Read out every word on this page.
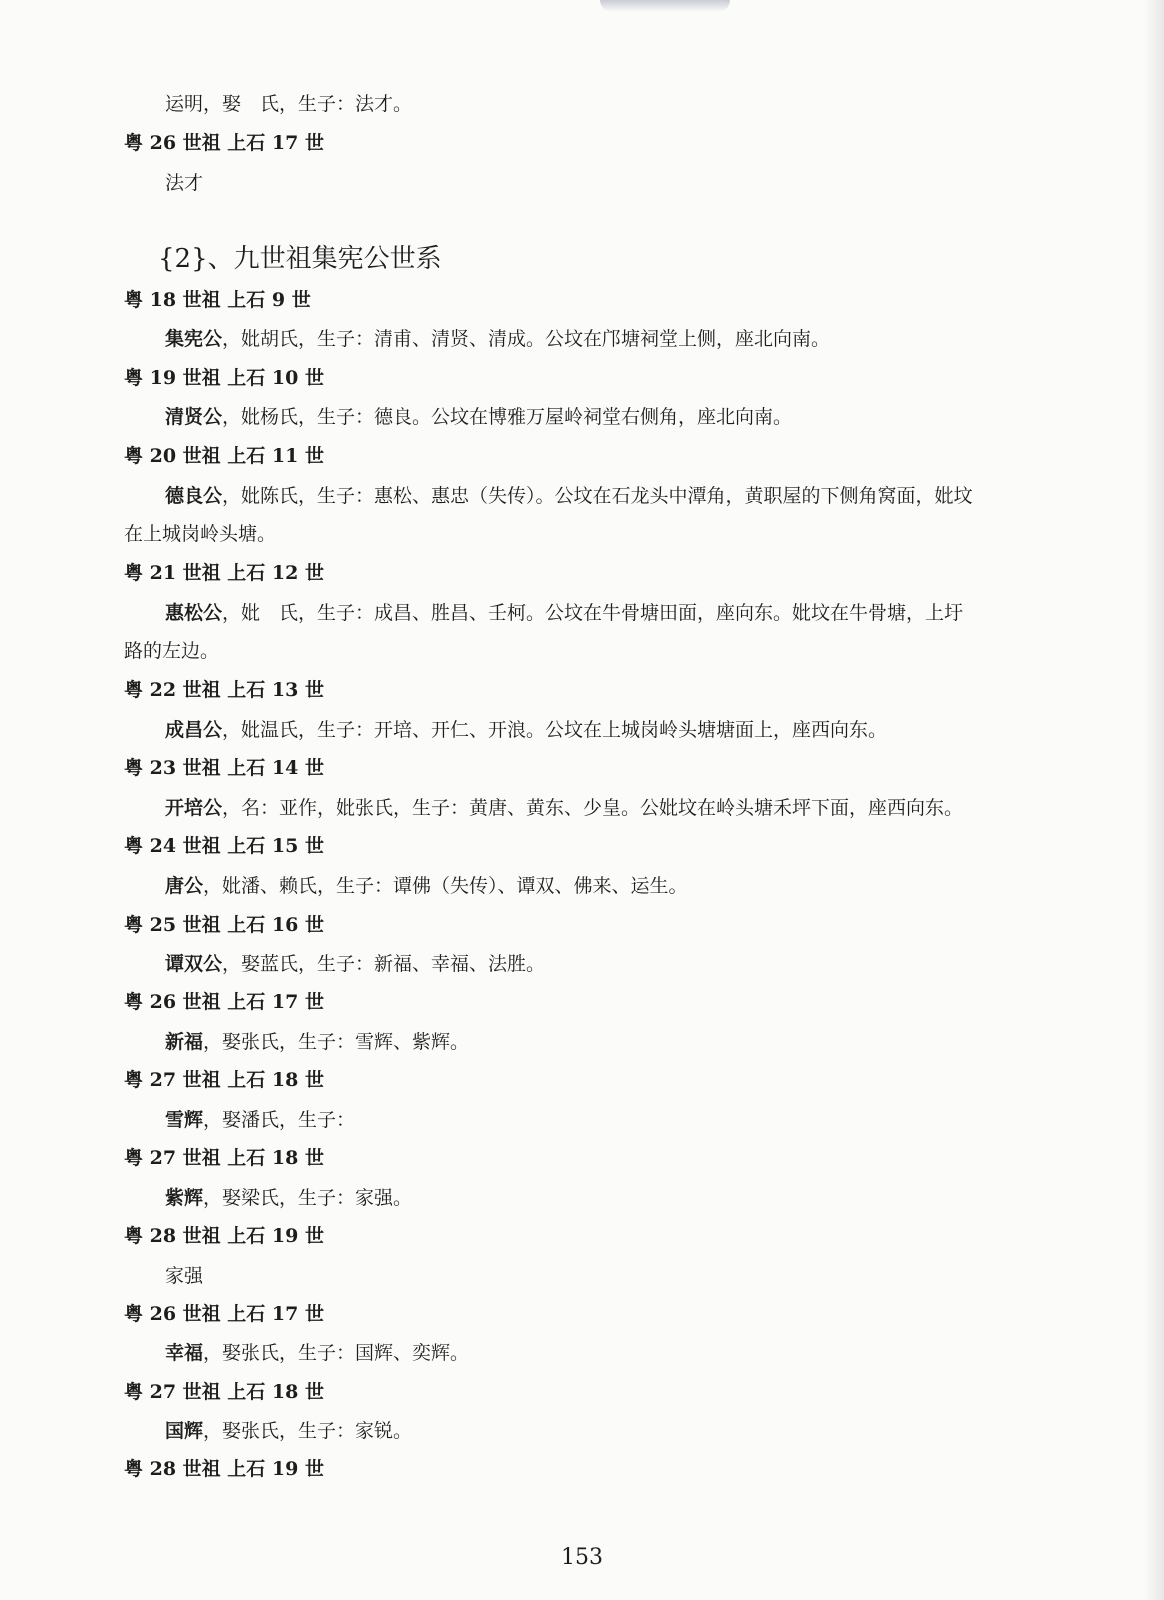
运明，娶　氏，生子：法才。
粤 26 世祖 上石 17 世
法才
{2}、九世祖集宪公世系
粤 18 世祖 上石 9 世
集宪公，妣胡氏，生子：清甫、清贤、清成。公坟在邝塘祠堂上侧，座北向南。
粤 19 世祖 上石 10 世
清贤公，妣杨氏，生子：德良。公坟在博雅万屋岭祠堂右侧角，座北向南。
粤 20 世祖 上石 11 世
德良公，妣陈氏，生子：惠松、惠忠（失传）。公坟在石龙头中潭角，黄职屋的下侧角窝面，妣坟
在上城岗岭头塘。
粤 21 世祖 上石 12 世
惠松公，妣　氏，生子：成昌、胜昌、壬柯。公坟在牛骨塘田面，座向东。妣坟在牛骨塘，上圩
路的左边。
粤 22 世祖 上石 13 世
成昌公，妣温氏，生子：开培、开仁、开浪。公坟在上城岗岭头塘塘面上，座西向东。
粤 23 世祖 上石 14 世
开培公，名：亚作，妣张氏，生子：黄唐、黄东、少皇。公妣坟在岭头塘禾坪下面，座西向东。
粤 24 世祖 上石 15 世
唐公，妣潘、赖氏，生子：谭佛（失传）、谭双、佛来、运生。
粤 25 世祖 上石 16 世
谭双公，娶蓝氏，生子：新福、幸福、法胜。
粤 26 世祖 上石 17 世
新福，娶张氏，生子：雪辉、紫辉。
粤 27 世祖 上石 18 世
雪辉，娶潘氏，生子：
粤 27 世祖 上石 18 世
紫辉，娶梁氏，生子：家强。
粤 28 世祖 上石 19 世
家强
粤 26 世祖 上石 17 世
幸福，娶张氏，生子：国辉、奕辉。
粤 27 世祖 上石 18 世
国辉，娶张氏，生子：家锐。
粤 28 世祖 上石 19 世
153
